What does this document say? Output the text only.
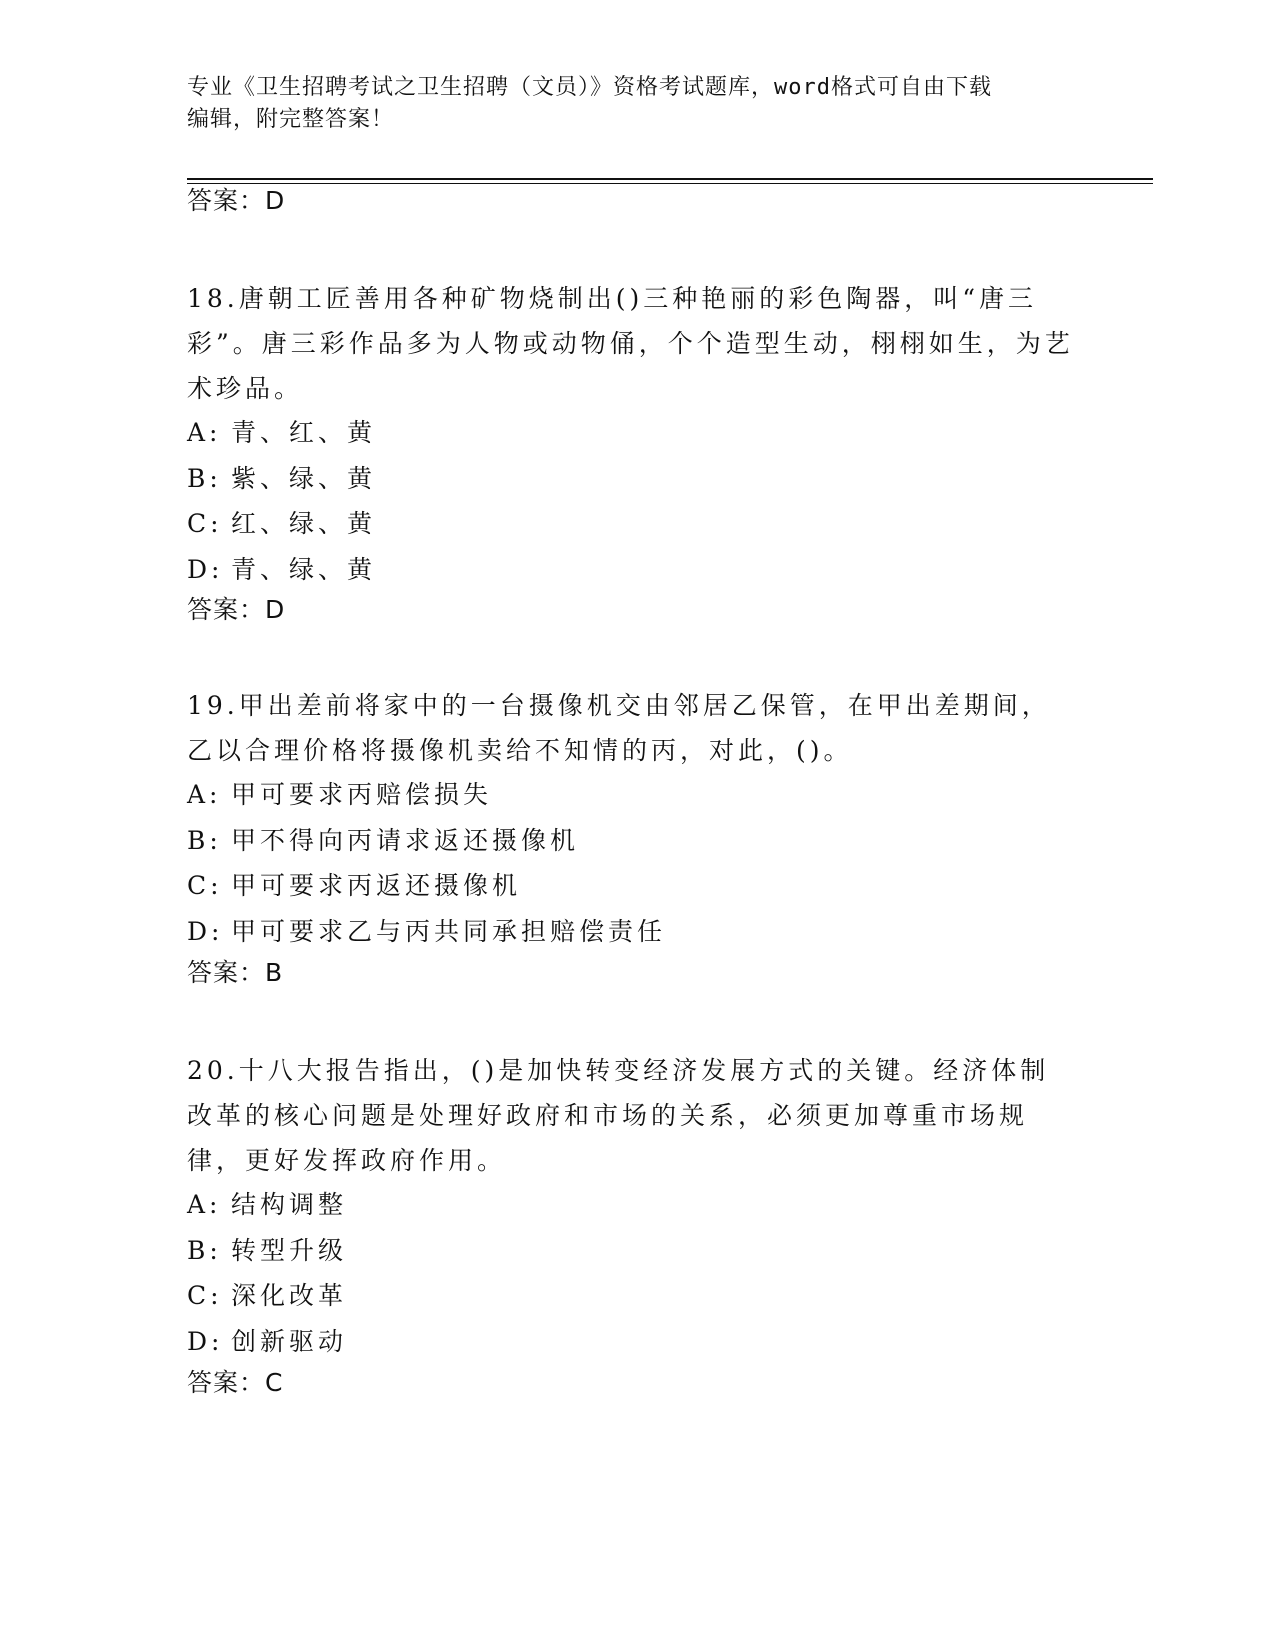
专业《卫生招聘考试之卫生招聘（文员）》资格考试题库，word格式可自由下载
编辑，附完整答案！
答案：D
18.唐朝工匠善用各种矿物烧制出()三种艳丽的彩色陶器，叫“唐三彩”。唐三彩作品多为人物或动物俑，个个造型生动，栩栩如生，为艺术珍品。
A: 青、红、黄
B: 紫、绿、黄
C: 红、绿、黄
D: 青、绿、黄
答案：D
19.甲出差前将家中的一台摄像机交由邻居乙保管，在甲出差期间，乙以合理价格将摄像机卖给不知情的丙，对此，()。
A: 甲可要求丙赔偿损失
B: 甲不得向丙请求返还摄像机
C: 甲可要求丙返还摄像机
D: 甲可要求乙与丙共同承担赔偿责任
答案：B
20.十八大报告指出，()是加快转变经济发展方式的关键。经济体制改革的核心问题是处理好政府和市场的关系，必须更加尊重市场规律，更好发挥政府作用。
A: 结构调整
B: 转型升级
C: 深化改革
D: 创新驱动
答案：C
